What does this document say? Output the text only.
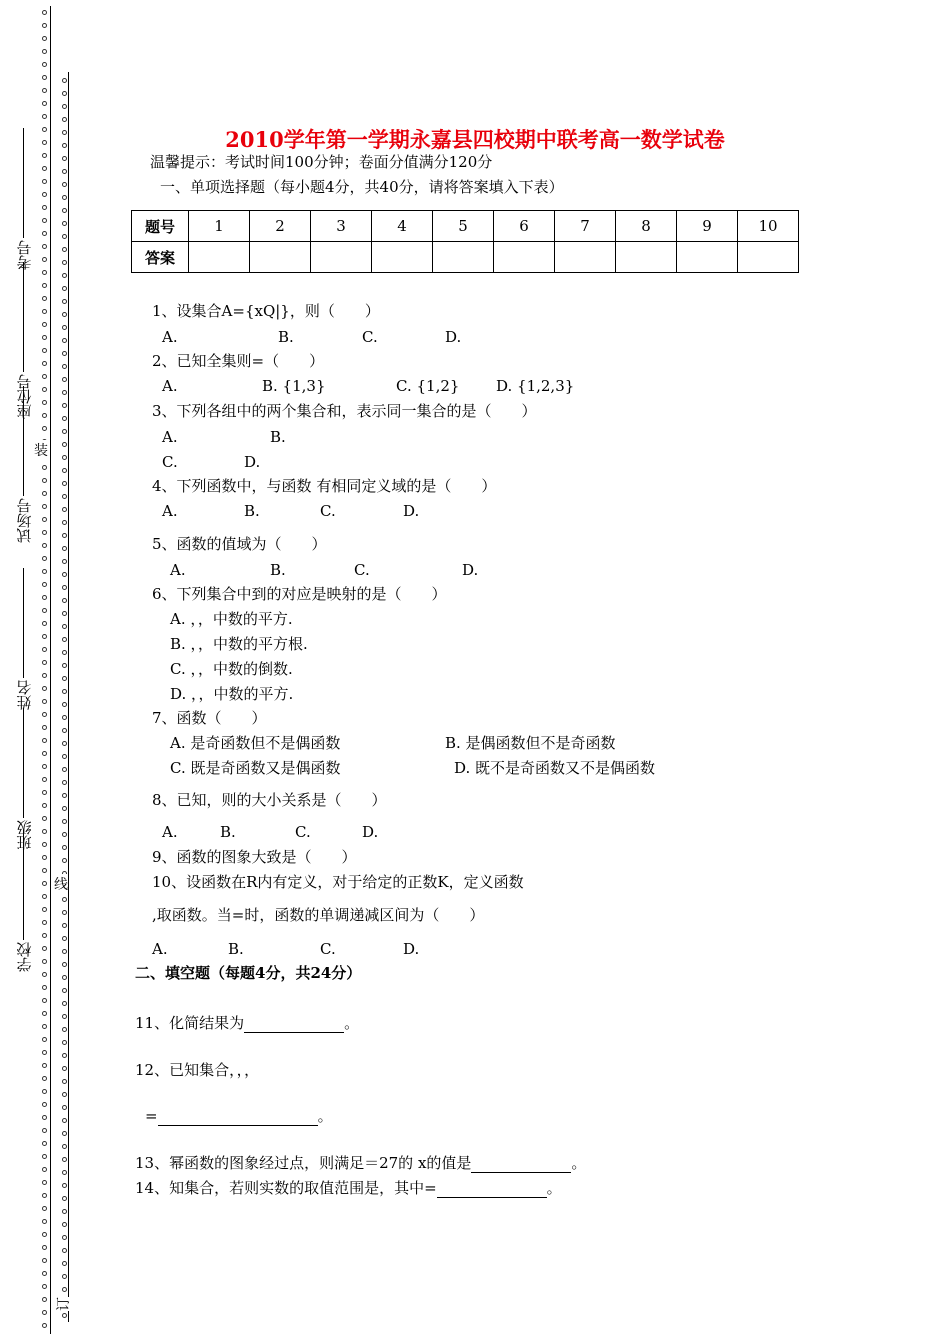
考号
座位号
试场号
姓名
班级
学校
装
线
订
2010学年第一学期永嘉县四校期中联考高一数学试卷
温馨提示：考试时间100分钟；卷面分值满分120分
一、单项选择题（每小题4分，共40分，请将答案填入下表）
题号	1	2	3	4	5	6	7	8	9	10
答案										
1、设集合A={xQ|}，则（　　）
A.	B.	C.	D.
2、已知全集则=（　　）
A.	B. {1,3}	C. {1,2} D. {1,2,3}
3、下列各组中的两个集合和，表示同一集合的是（　　）
A.	B.
C.	D.
4、下列函数中，与函数 有相同定义域的是（　　）
A.	B.	C.	D.
5、函数的值域为（　　）
A.	B.	C.	D.
6、下列集合中到的对应是映射的是（　　）
A. ，，中数的平方.
B. ，，中数的平方根.
C. ，，中数的倒数.
D. ，，中数的平方.
7、函数（　　）
A. 是奇函数但不是偶函数	B. 是偶函数但不是奇函数
C. 既是奇函数又是偶函数	D. 既不是奇函数又不是偶函数
8、已知，则的大小关系是（　　）
A.	B.	C.	D.
9、函数的图象大致是（　　）
10、设函数在R内有定义，对于给定的正数K，定义函数
,取函数。当=时，函数的单调递减区间为（　　）
A.	B.	C.	D.
二、填空题（每题4分，共24分）
11、化简结果为	。
12、已知集合，，，
=	。
13、幂函数的图象经过点，则满足＝27的 x的值是	。
14、知集合，若则实数的取值范围是，其中=	。
